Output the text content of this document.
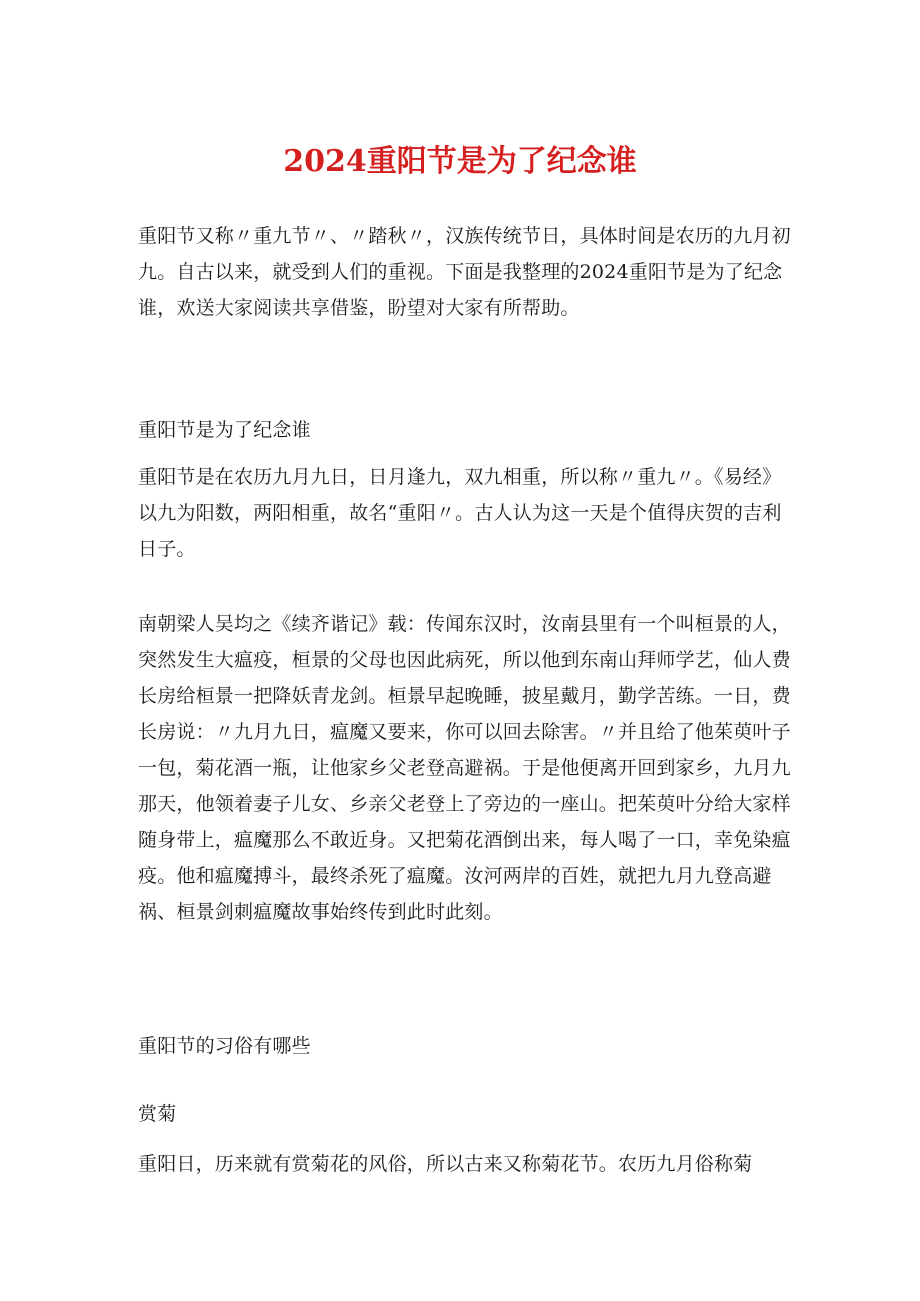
2024重阳节是为了纪念谁

重阳节又称〃重九节〃、〃踏秋〃，汉族传统节日，具体时间是农历的九月初九。自古以来，就受到人们的重视。下面是我整理的2024重阳节是为了纪念谁，欢送大家阅读共享借鉴，盼望对大家有所帮助。

重阳节是为了纪念谁

重阳节是在农历九月九日，日月逢九，双九相重，所以称〃重九〃。《易经》以九为阳数，两阳相重，故名“重阳〃。古人认为这一天是个值得庆贺的吉利日子。

南朝梁人吴均之《续齐谐记》载：传闻东汉时，汝南县里有一个叫桓景的人，突然发生大瘟疫，桓景的父母也因此病死，所以他到东南山拜师学艺，仙人费长房给桓景一把降妖青龙剑。桓景早起晚睡，披星戴月，勤学苦练。一日，费长房说：〃九月九日，瘟魔又要来，你可以回去除害。〃并且给了他茱萸叶子一包，菊花酒一瓶，让他家乡父老登高避祸。于是他便离开回到家乡，九月九那天，他领着妻子儿女、乡亲父老登上了旁边的一座山。把茱萸叶分给大家样随身带上，瘟魔那么不敢近身。又把菊花酒倒出来，每人喝了一口，幸免染瘟疫。他和瘟魔搏斗，最终杀死了瘟魔。汝河两岸的百姓，就把九月九登高避祸、桓景剑刺瘟魔故事始终传到此时此刻。

重阳节的习俗有哪些
赏菊

重阳日，历来就有赏菊花的风俗，所以古来又称菊花节。农历九月俗称菊
